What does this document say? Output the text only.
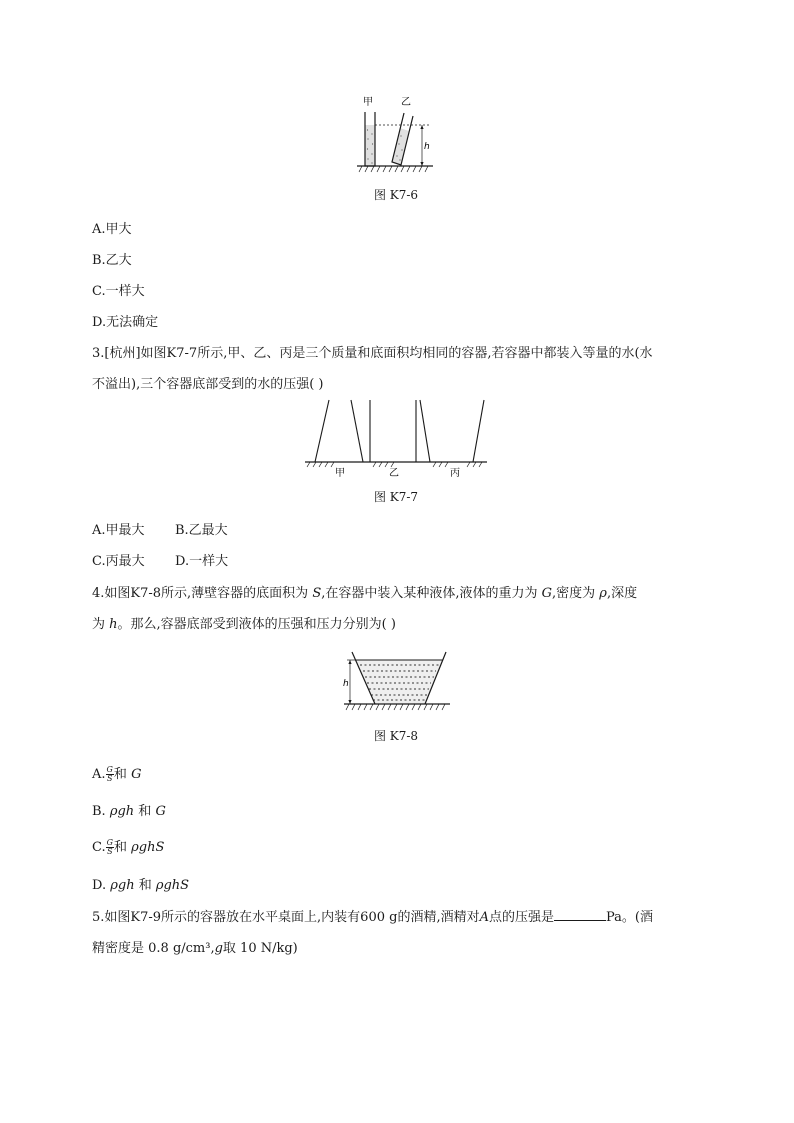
甲	乙
h
图 K7-6
A.甲大
B.乙大
C.一样大
D.无法确定
3.[杭州]如图K7-7所示,甲、乙、丙是三个质量和底面积均相同的容器,若容器中都装入等量的水(水
不溢出),三个容器底部受到的水的压强( )
甲	乙	丙
图 K7-7
A.甲最大 B.乙最大
C.丙最大 D.一样大
4.如图K7-8所示,薄壁容器的底面积为 S,在容器中装入某种液体,液体的重力为 G,密度为 ρ,深度
为 h。那么,容器底部受到液体的压强和压力分别为( )
h
图 K7-8
A. $\frac{G}{S}$ 和 G
B. ρgh 和 G
C. $\frac{G}{S}$ 和 ρghS
D. ρgh 和 ρghS
5.如图K7-9所示的容器放在水平桌面上,内装有600 g的酒精,酒精对A点的压强是	Pa。(酒
精密度是 0.8 g/cm³,g取 10 N/kg)
